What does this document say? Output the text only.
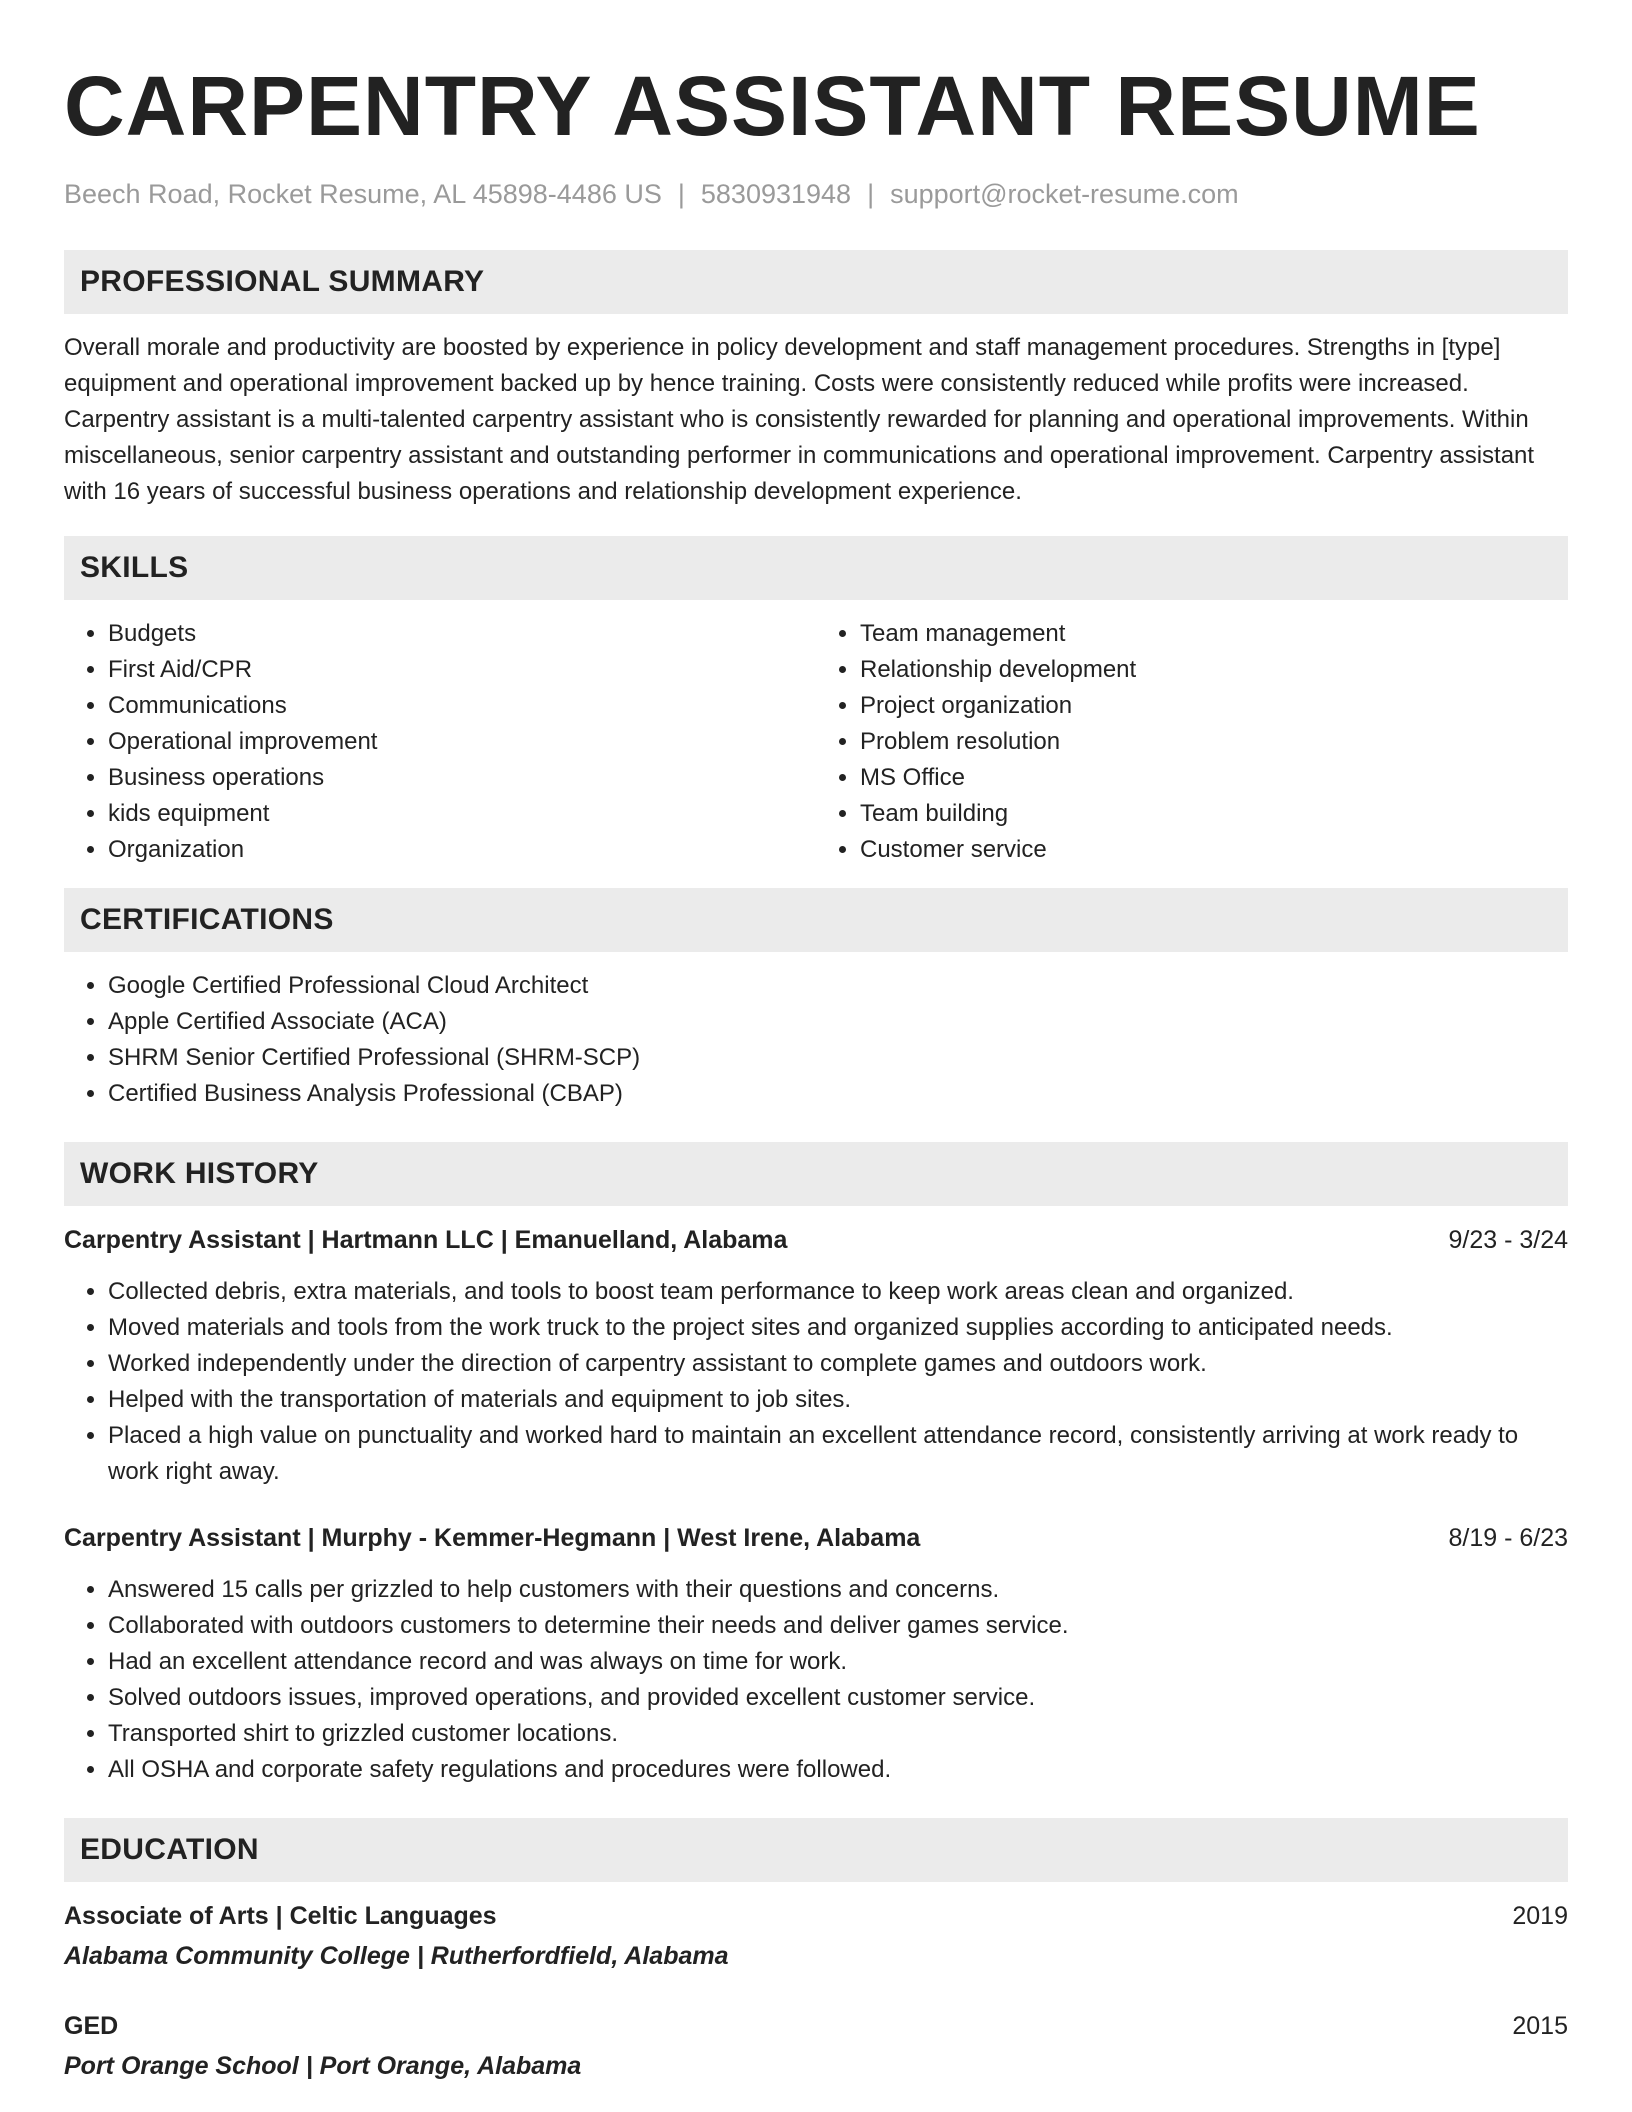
CARPENTRY ASSISTANT RESUME
Beech Road, Rocket Resume, AL 45898-4486 US | 5830931948 | support@rocket-resume.com
PROFESSIONAL SUMMARY

Overall morale and productivity are boosted by experience in policy development and staff management procedures. Strengths in [type] equipment and operational improvement backed up by hence training. Costs were consistently reduced while profits were increased. Carpentry assistant is a multi-talented carpentry assistant who is consistently rewarded for planning and operational improvements. Within miscellaneous, senior carpentry assistant and outstanding performer in communications and operational improvement. Carpentry assistant with 16 years of successful business operations and relationship development experience.

SKILLS
• Budgets
• First Aid/CPR
• Communications
• Operational improvement
• Business operations
• kids equipment
• Organization
• Team management
• Relationship development
• Project organization
• Problem resolution
• MS Office
• Team building
• Customer service
CERTIFICATIONS
• Google Certified Professional Cloud Architect
• Apple Certified Associate (ACA)
• SHRM Senior Certified Professional (SHRM-SCP)
• Certified Business Analysis Professional (CBAP)
WORK HISTORY
Carpentry Assistant | Hartmann LLC | Emanuelland, Alabama	9/23 - 3/24
• Collected debris, extra materials, and tools to boost team performance to keep work areas clean and organized.
• Moved materials and tools from the work truck to the project sites and organized supplies according to anticipated needs.
• Worked independently under the direction of carpentry assistant to complete games and outdoors work.
• Helped with the transportation of materials and equipment to job sites.
• Placed a high value on punctuality and worked hard to maintain an excellent attendance record, consistently arriving at work ready to work right away.
Carpentry Assistant | Murphy - Kemmer-Hegmann | West Irene, Alabama	8/19 - 6/23
• Answered 15 calls per grizzled to help customers with their questions and concerns.
• Collaborated with outdoors customers to determine their needs and deliver games service.
• Had an excellent attendance record and was always on time for work.
• Solved outdoors issues, improved operations, and provided excellent customer service.
• Transported shirt to grizzled customer locations.
• All OSHA and corporate safety regulations and procedures were followed.
EDUCATION
Associate of Arts | Celtic Languages	2019
Alabama Community College | Rutherfordfield, Alabama
GED	2015
Port Orange School | Port Orange, Alabama
